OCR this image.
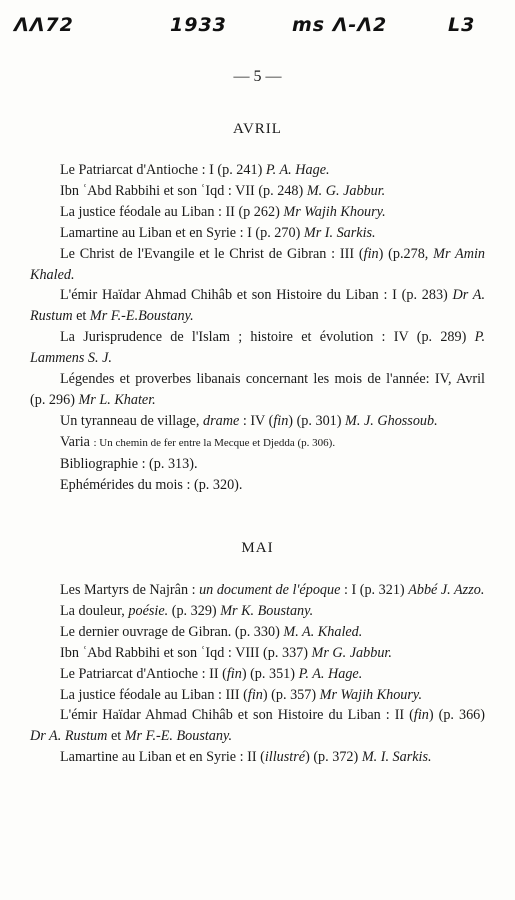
ΛΛ72	1933	ms Λ-Λ2	L3
— 5 —
AVRIL

Le Patriarcat d'Antioche : I (p. 241) P. A. Hage.

Ibn ʿAbd Rabbihi et son ʿIqd : VII (p. 248) M. G. Jabbur.

La justice féodale au Liban : II (p 262) Mr Wajih Khoury.

Lamartine au Liban et en Syrie : I (p. 270) Mr I. Sarkis.

Le Christ de l'Evangile et le Christ de Gibran : III (fin) (p.278, Mr Amin Khaled.

L'émir Haïdar Ahmad Chihâb et son Histoire du Liban : I (p. 283) Dr A. Rustum et Mr F.-E.Boustany.

La Jurisprudence de l'Islam ; histoire et évolution : IV (p. 289) P. Lammens S. J.

Légendes et proverbes libanais concernant les mois de l'année: IV, Avril (p. 296) Mr L. Khater.

Un tyranneau de village, drame : IV (fin) (p. 301) M. J. Ghossoub.

Varia : Un chemin de fer entre la Mecque et Djedda (p. 306).

Bibliographie : (p. 313).

Ephémérides du mois : (p. 320).

MAI

Les Martyrs de Najrân : un document de l'époque : I (p. 321) Abbé J. Azzo.

La douleur, poésie. (p. 329) Mr K. Boustany.

Le dernier ouvrage de Gibran. (p. 330) M. A. Khaled.

Ibn ʿAbd Rabbihi et son ʿIqd : VIII (p. 337) Mr G. Jabbur.

Le Patriarcat d'Antioche : II (fin) (p. 351) P. A. Hage.

La justice féodale au Liban : III (fin) (p. 357) Mr Wajih Khoury.

L'émir Haïdar Ahmad Chihâb et son Histoire du Liban : II (fin) (p. 366) Dr A. Rustum et Mr F.-E. Boustany.

Lamartine au Liban et en Syrie : II (illustré) (p. 372) M. I. Sarkis.
